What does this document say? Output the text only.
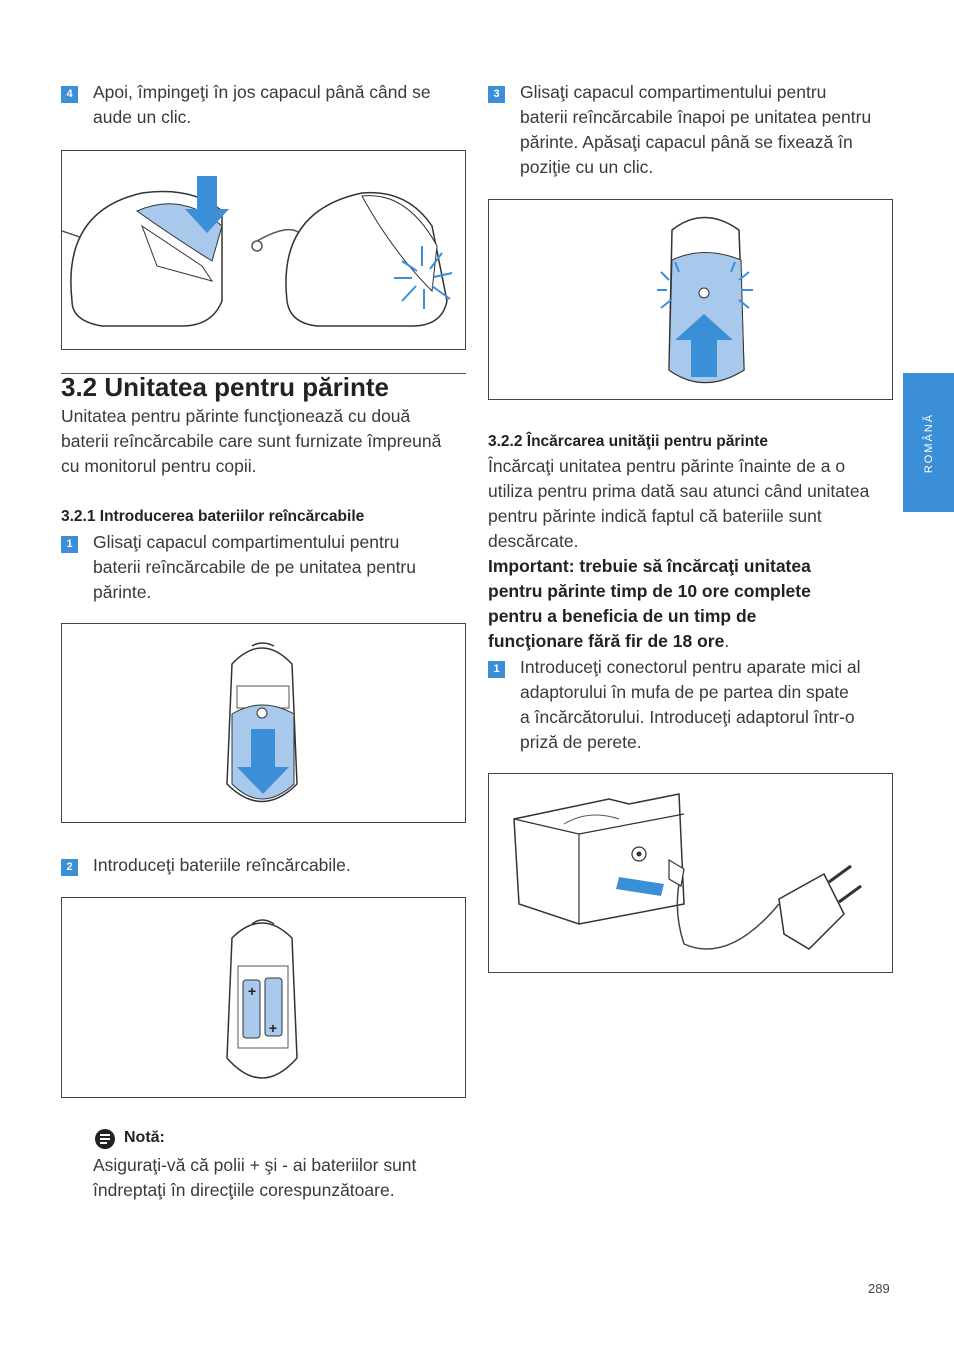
4	Apoi, împingeţi în jos capacul până când se
aude un clic.
3.2 Unitatea pentru părinte
Unitatea pentru părinte funcţionează cu două
baterii reîncărcabile care sunt furnizate împreună
cu monitorul pentru copii.
3.2.1 Introducerea bateriilor reîncărcabile
1	Glisaţi capacul compartimentului pentru
baterii reîncărcabile de pe unitatea pentru
părinte.
2	Introduceţi bateriile reîncărcabile.
+
+
Notă:
Asiguraţi-vă că polii + şi - ai bateriilor sunt
îndreptaţi în direcţiile corespunzătoare.
3	Glisaţi capacul compartimentului pentru
baterii reîncărcabile înapoi pe unitatea pentru
părinte. Apăsaţi capacul până se fixează în
poziţie cu un clic.
3.2.2 Încărcarea unităţii pentru părinte
Încărcaţi unitatea pentru părinte înainte de a o
utiliza pentru prima dată sau atunci când unitatea
pentru părinte indică faptul că bateriile sunt
descărcate.
Important: trebuie să încărcaţi unitatea
pentru părinte timp de 10 ore complete
pentru a beneficia de un timp de
funcţionare fără fir de 18 ore.
1	Introduceţi conectorul pentru aparate mici al
adaptorului în mufa de pe partea din spate
a încărcătorului. Introduceţi adaptorul într-o
priză de perete.
ROMÂNĂ
289
